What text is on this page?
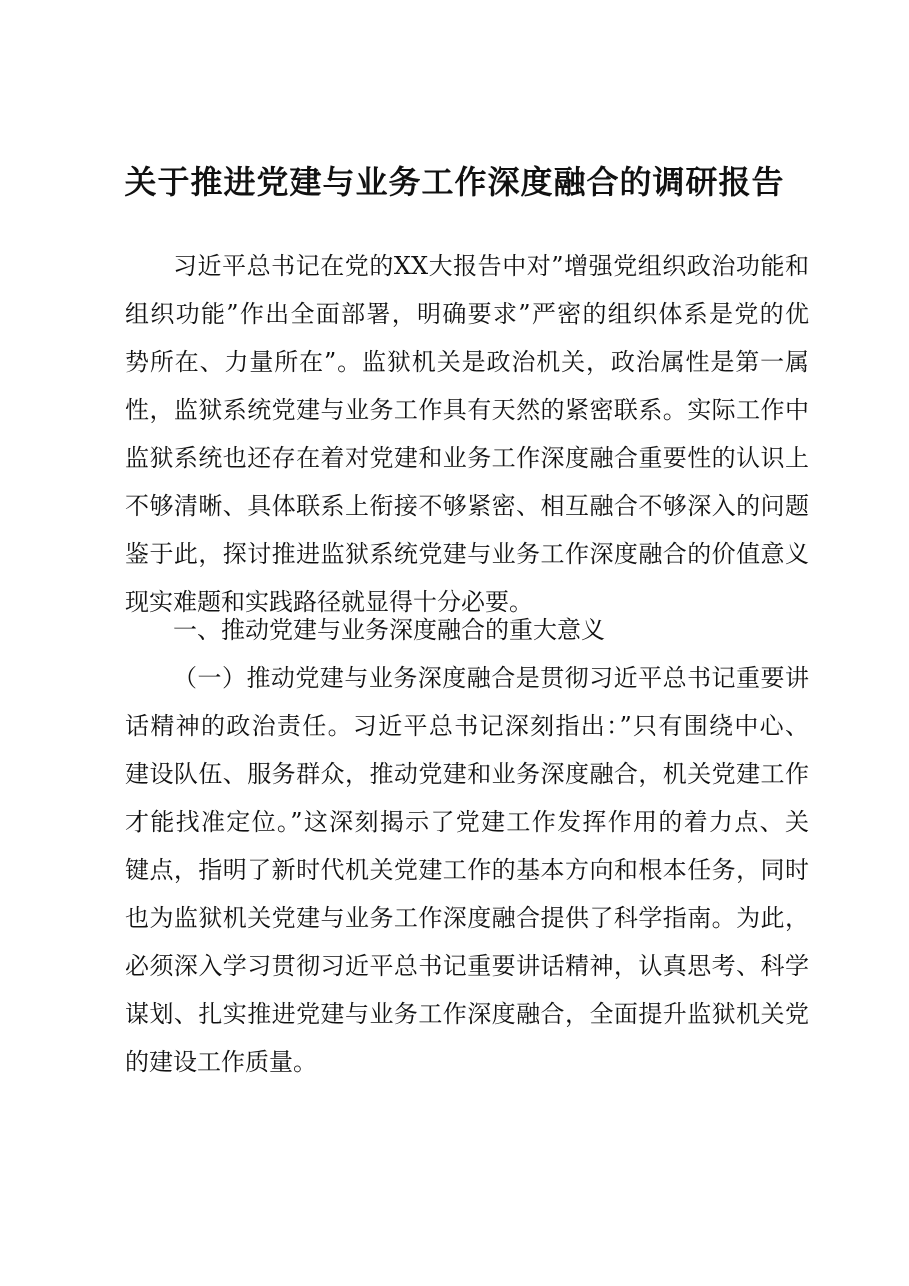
关于推进党建与业务工作深度融合的调研报告
习近平总书记在党的XX大报告中对”增强党组织政治功能和
组织功能”作出全面部署，明确要求”严密的组织体系是党的优
势所在、力量所在”。监狱机关是政治机关，政治属性是第一属
性，监狱系统党建与业务工作具有天然的紧密联系。实际工作中
监狱系统也还存在着对党建和业务工作深度融合重要性的认识上
不够清晰、具体联系上衔接不够紧密、相互融合不够深入的问题
鉴于此，探讨推进监狱系统党建与业务工作深度融合的价值意义
现实难题和实践路径就显得十分必要。
一、推动党建与业务深度融合的重大意义
（一）推动党建与业务深度融合是贯彻习近平总书记重要讲
话精神的政治责任。习近平总书记深刻指出：”只有围绕中心、
建设队伍、服务群众，推动党建和业务深度融合，机关党建工作
才能找准定位。”这深刻揭示了党建工作发挥作用的着力点、关
键点，指明了新时代机关党建工作的基本方向和根本任务，同时
也为监狱机关党建与业务工作深度融合提供了科学指南。为此，
必须深入学习贯彻习近平总书记重要讲话精神，认真思考、科学
谋划、扎实推进党建与业务工作深度融合，全面提升监狱机关党
的建设工作质量。
